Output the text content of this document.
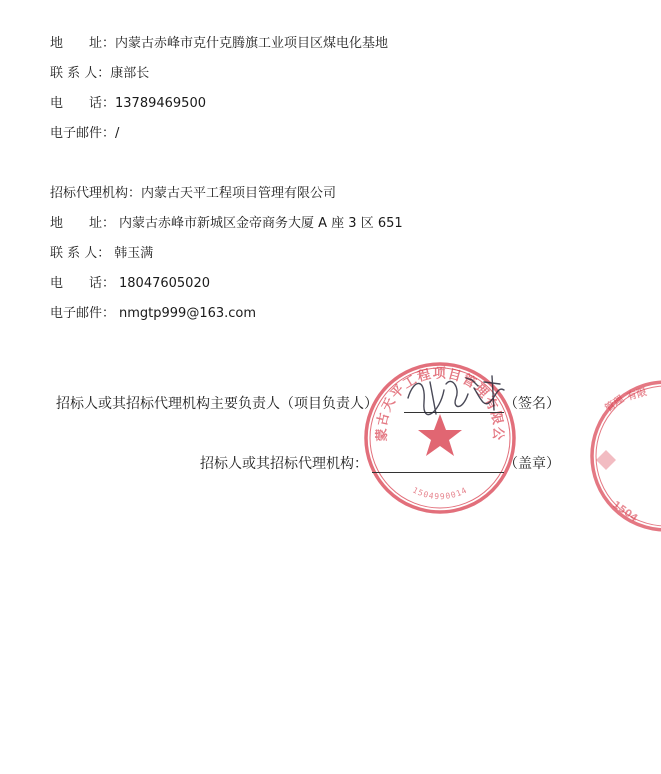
地　　址：内蒙古赤峰市克什克腾旗工业项目区煤电化基地
联 系 人：康部长
电　　话：13789469500
电子邮件：/
招标代理机构：内蒙古天平工程项目管理有限公司
地　　址： 内蒙古赤峰市新城区金帝商务大厦 A 座 3 区 651
联 系 人： 韩玉满
电　　话： 18047605020
电子邮件： nmgtp999@163.com
内蒙古天平工程项目管理有限公司
1504990014
管理 有限
1504
招标人或其招标代理机构主要负责人（项目负责人）	（签名）
招标人或其招标代理机构：	（盖章）
